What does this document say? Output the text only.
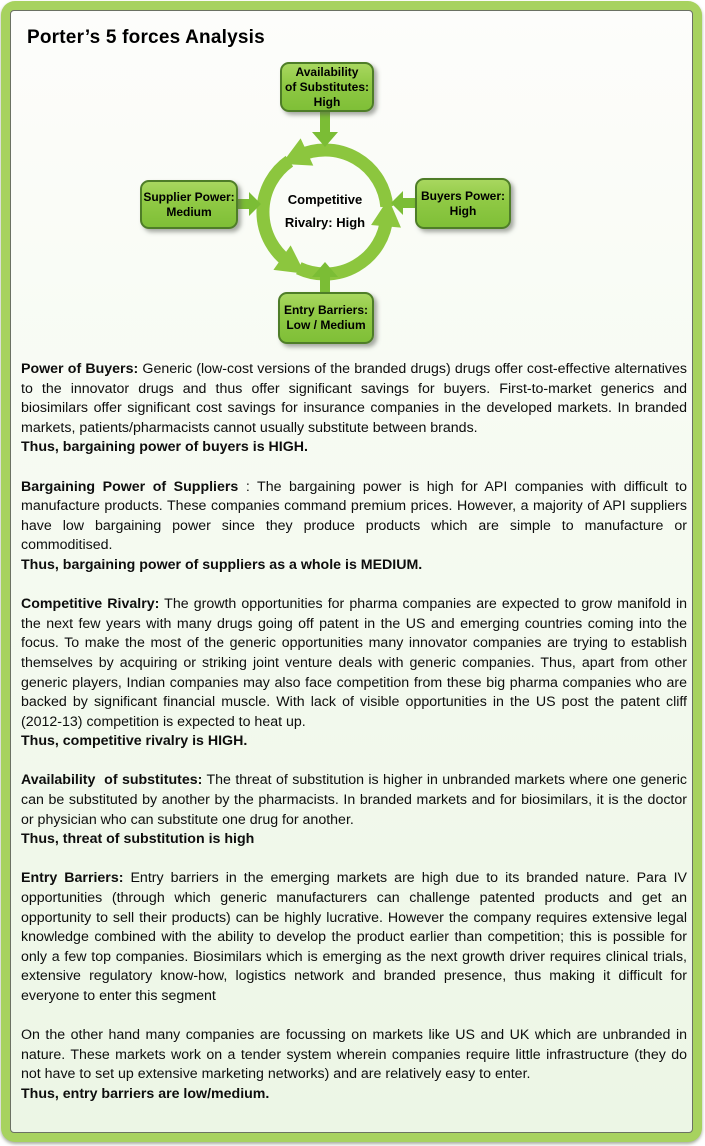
Porter’s 5 forces Analysis
Availability
of Substitutes:
High
Supplier Power:
Medium
Buyers Power:
High
Entry Barriers:
Low / Medium
Competitive
Rivalry: High
Power of Buyers: Generic (low-cost versions of the branded drugs) drugs offer cost-effective alternatives to the innovator drugs and thus offer significant savings for buyers. First-to-market generics and biosimilars offer significant cost savings for insurance companies in the developed markets. In branded markets, patients/pharmacists cannot usually substitute between brands.
Thus, bargaining power of buyers is HIGH.
Bargaining Power of Suppliers : The bargaining power is high for API companies with difficult to manufacture products. These companies command premium prices. However, a majority of API suppliers have low bargaining power since they produce products which are simple to manufacture or commoditised.
Thus, bargaining power of suppliers as a whole is MEDIUM.
Competitive Rivalry: The growth opportunities for pharma companies are expected to grow manifold in the next few years with many drugs going off patent in the US and emerging countries coming into the focus. To make the most of the generic opportunities many innovator companies are trying to establish themselves by acquiring or striking joint venture deals with generic companies. Thus, apart from other generic players, Indian companies may also face competition from these big pharma companies who are backed by significant financial muscle. With lack of visible opportunities in the US post the patent cliff (2012-13) competition is expected to heat up.
Thus, competitive rivalry is HIGH.
Availability  of substitutes: The threat of substitution is higher in unbranded markets where one generic can be substituted by another by the pharmacists. In branded markets and for biosimilars, it is the doctor or physician who can substitute one drug for another.
Thus, threat of substitution is high
Entry Barriers: Entry barriers in the emerging markets are high due to its branded nature. Para IV opportunities (through which generic manufacturers can challenge patented products and get an opportunity to sell their products) can be highly lucrative. However the company requires extensive legal knowledge combined with the ability to develop the product earlier than competition; this is possible for only a few top companies. Biosimilars which is emerging as the next growth driver requires clinical trials, extensive regulatory know-how, logistics network and branded presence, thus making it difficult for everyone to enter this segment
On the other hand many companies are focussing on markets like US and UK which are unbranded in nature. These markets work on a tender system wherein companies require little infrastructure (they do not have to set up extensive marketing networks) and are relatively easy to enter.
Thus, entry barriers are low/medium.
